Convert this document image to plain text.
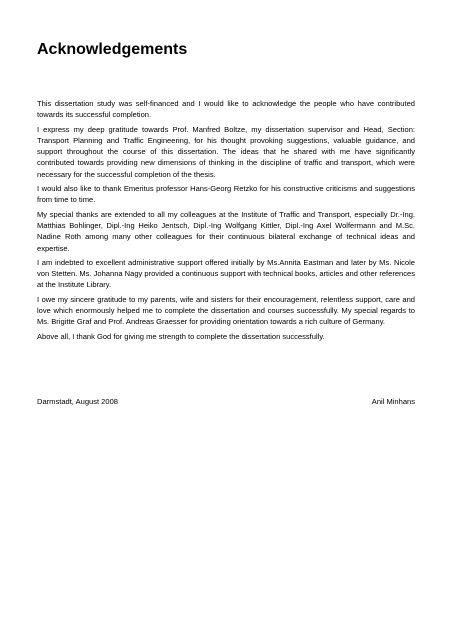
Acknowledgements

This dissertation study was self-financed and I would like to acknowledge the people who have contributed towards its successful completion.

I express my deep gratitude towards Prof. Manfred Boltze, my dissertation supervisor and Head, Section: Transport Planning and Traffic Engineering, for his thought provoking suggestions, valuable guidance, and support throughout the course of this dissertation. The ideas that he shared with me have significantly contributed towards providing new dimensions of thinking in the discipline of traffic and transport, which were necessary for the successful completion of the thesis.

I would also like to thank Emeritus professor Hans-Georg Retzko for his constructive criticisms and suggestions from time to time.

My special thanks are extended to all my colleagues at the Institute of Traffic and Transport, especially Dr.-Ing. Matthias Bohlinger, Dipl.-Ing Heiko Jentsch, Dipl.-Ing Wolfgang Kittler, Dipl.-Ing Axel Wolfermann and M.Sc. Nadine Roth among many other colleagues for their continuous bilateral exchange of technical ideas and expertise.

I am indebted to excellent administrative support offered initially by Ms.Annita Eastman and later by Ms. Nicole von Stetten. Ms. Johanna Nagy provided a continuous support with technical books, articles and other references at the Institute Library.

I owe my sincere gratitude to my parents, wife and sisters for their encouragement, relentless support, care and love which enormously helped me to complete the dissertation and courses successfully. My special regards to Ms. Brigitte Graf and Prof. Andreas Graesser for providing orientation towards a rich culture of Germany.

Above all, I thank God for giving me strength to complete the dissertation successfully.

Darmstadt, August 2008	Anil Minhans
